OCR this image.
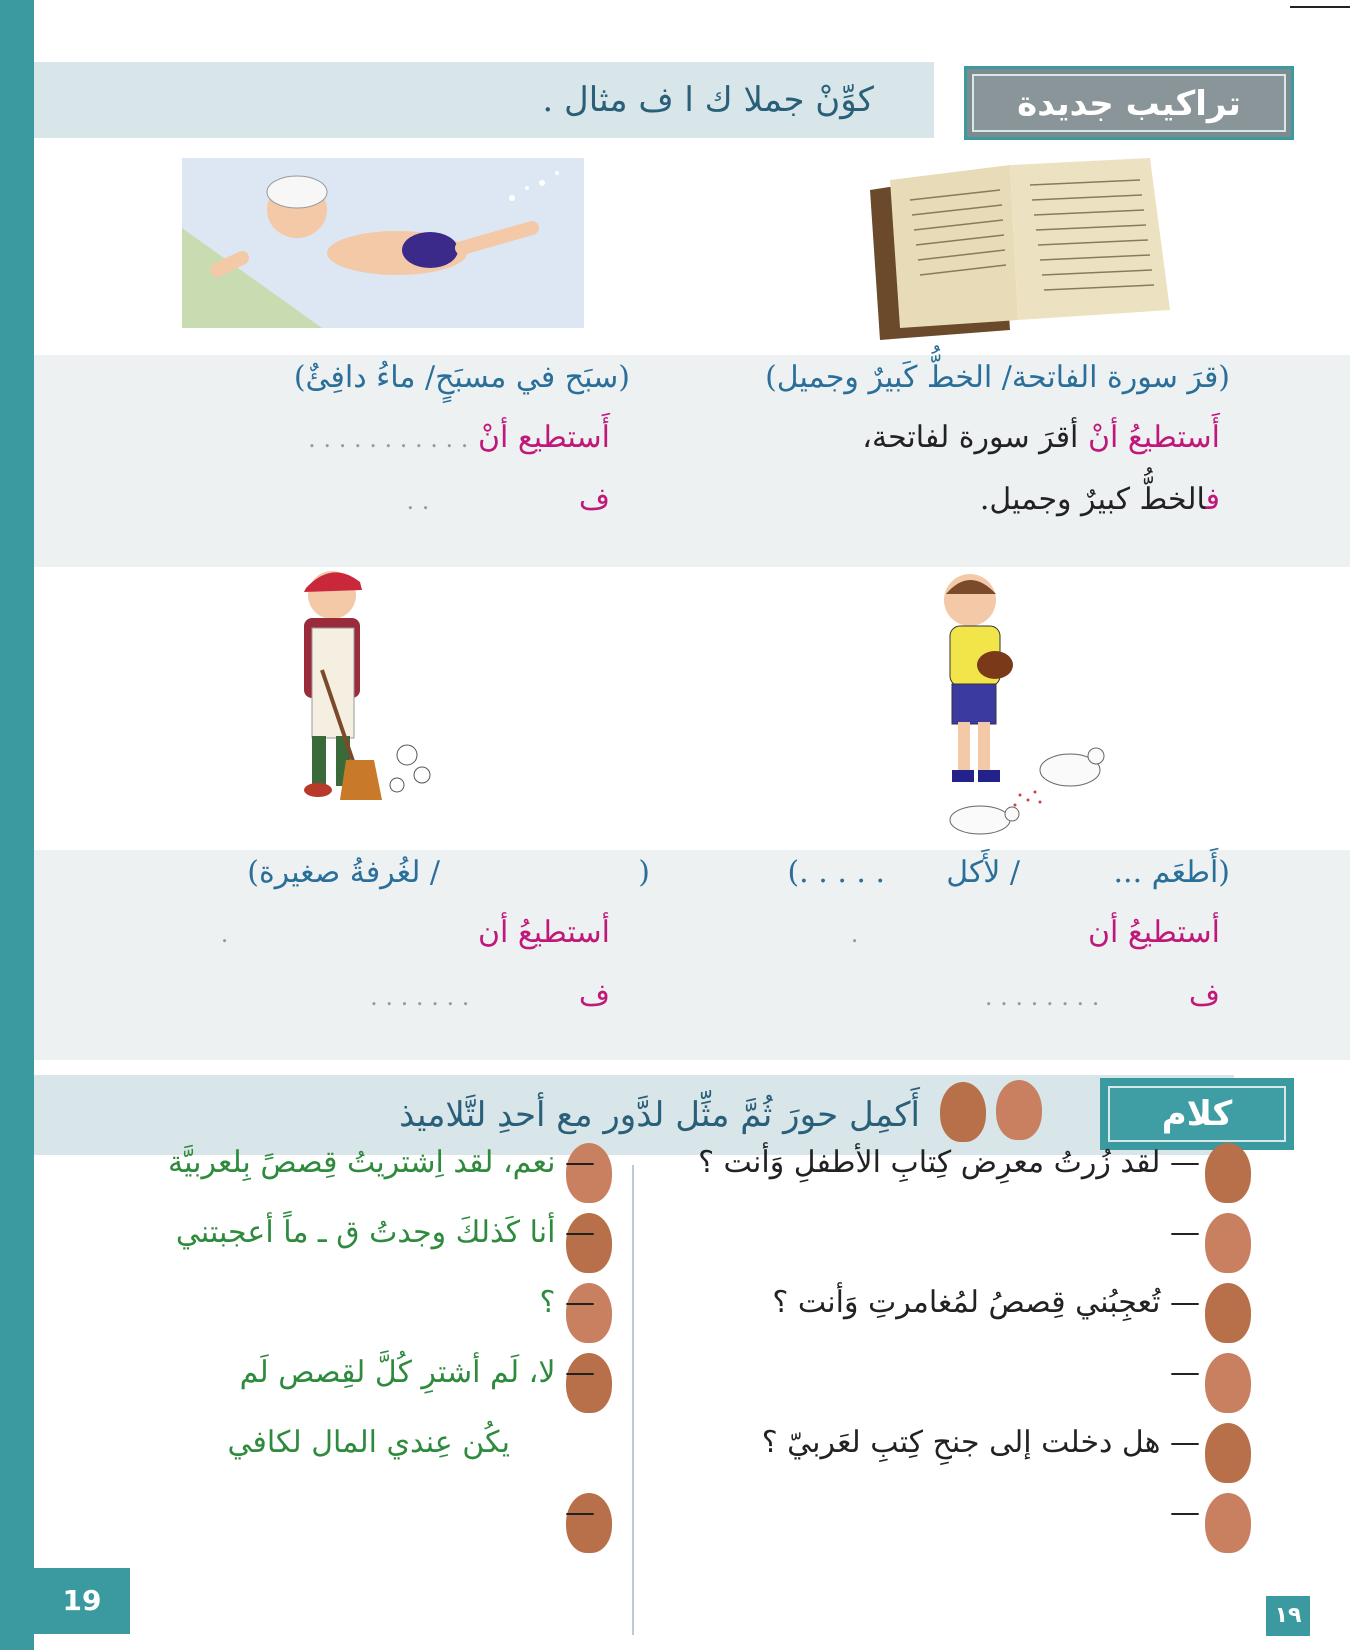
كوِّنْ جملا ك ا ف مثال .	تراكيب جديدة
(قرَ سورة الفاتحة/ الخطُّ كَبيرٌ وجميل)
أَستطيعُ أنْ أقرَ سورة لفاتحة،
فالخطُّ كبيرٌ وجميل.
(سبَح في مسبَحٍ/ ماءُ دافِئٌ)
أَستطيع أنْ . . . . . . . . . . .
ف . .
(أَطعَم ...
/ لأَكل
. . . . .)
أستطيعُ أن .
ف . . . . . . . .
(
/ لغُرفةُ صغيرة)
أستطيعُ أن .
ف . . . . . . .
أَكمِل حورَ ثُمَّ مثِّل لدَّور مع أحدِ لتَّلاميذ	كلام
— لقد زُرتُ معرِض كِتابِ الأطفلِ وَأنت ؟
—
— تُعجِبُني قِصصُ لمُغامرتِ وَأنت ؟
—
— هل دخلت إلى جنحِ كِتبِ لعَربيّ ؟
—
— نعم، لقد اِشتريتُ قِصصً بِلعربيَّة
— أنا كَذلكَ وجدتُ ق ـ ماً أعجبتني
— ؟
— لا، لَم أشترِ كُلَّ لقِصص لَم
يكُن عِندي المال لكافي
—
19	١٩
